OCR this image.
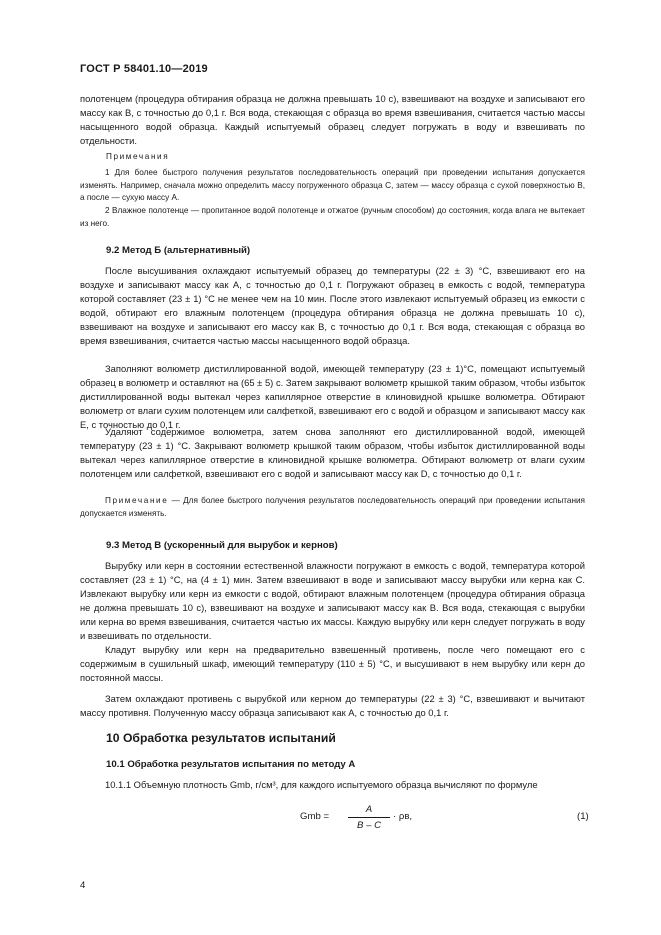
ГОСТ Р 58401.10—2019
полотенцем (процедура обтирания образца не должна превышать 10 с), взвешивают на воздухе и записывают его массу как В, с точностью до 0,1 г. Вся вода, стекающая с образца во время взвешивания, считается частью массы насыщенного водой образца. Каждый испытуемый образец следует погружать в воду и взвешивать по отдельности.
Примечания
1 Для более быстрого получения результатов последовательность операций при проведении испытания допускается изменять. Например, сначала можно определить массу погруженного образца C, затем — массу образца с сухой поверхностью B, а после — сухую массу A.
2 Влажное полотенце — пропитанное водой полотенце и отжатое (ручным способом) до состояния, когда влага не вытекает из него.
9.2 Метод Б (альтернативный)
После высушивания охлаждают испытуемый образец до температуры (22 ± 3) °С, взвешивают его на воздухе и записывают массу как A, с точностью до 0,1 г. Погружают образец в емкость с водой, температура которой составляет (23 ± 1) °С не менее чем на 10 мин. После этого извлекают испытуемый образец из емкости с водой, обтирают его влажным полотенцем (процедура обтирания образца не должна превышать 10 с), взвешивают на воздухе и записывают его массу как B, с точностью до 0,1 г. Вся вода, стекающая с образца во время взвешивания, считается частью массы насыщенного водой образца.
Заполняют волюметр дистиллированной водой, имеющей температуру (23 ± 1)°С, помещают испытуемый образец в волюметр и оставляют на (65 ± 5) с. Затем закрывают волюметр крышкой таким образом, чтобы избыток дистиллированной воды вытекал через капиллярное отверстие в клиновидной крышке волюметра. Обтирают волюметр от влаги сухим полотенцем или салфеткой, взвешивают его с водой и образцом и записывают массу как E, с точностью до 0,1 г.
Удаляют содержимое волюметра, затем снова заполняют его дистиллированной водой, имеющей температуру (23 ± 1) °С. Закрывают волюметр крышкой таким образом, чтобы избыток дистиллированной воды вытекал через капиллярное отверстие в клиновидной крышке волюметра. Обтирают волюметр от влаги сухим полотенцем или салфеткой, взвешивают его с водой и записывают массу как D, с точностью до 0,1 г.
Примечание — Для более быстрого получения результатов последовательность операций при проведении испытания допускается изменять.
9.3 Метод В (ускоренный для вырубок и кернов)
Вырубку или керн в состоянии естественной влажности погружают в емкость с водой, температура которой составляет (23 ± 1) °С, на (4 ± 1) мин. Затем взвешивают в воде и записывают массу вырубки или керна как C. Извлекают вырубку или керн из емкости с водой, обтирают влажным полотенцем (процедура обтирания образца не должна превышать 10 с), взвешивают на воздухе и записывают массу как B. Вся вода, стекающая с вырубки или керна во время взвешивания, считается частью их массы. Каждую вырубку или керн следует погружать в воду и взвешивать по отдельности.
Кладут вырубку или керн на предварительно взвешенный противень, после чего помещают его с содержимым в сушильный шкаф, имеющий температуру (110 ± 5) °С, и высушивают в нем вырубку или керн до постоянной массы.
Затем охлаждают противень с вырубкой или керном до температуры (22 ± 3) °С, взвешивают и вычитают массу противня. Полученную массу образца записывают как A, с точностью до 0,1 г.
10 Обработка результатов испытаний
10.1 Обработка результатов испытания по методу А
10.1.1 Объемную плотность Gmb, г/см³, для каждого испытуемого образца вычисляют по формуле
Gmb =
A
B – C
· ρв,	(1)
4
